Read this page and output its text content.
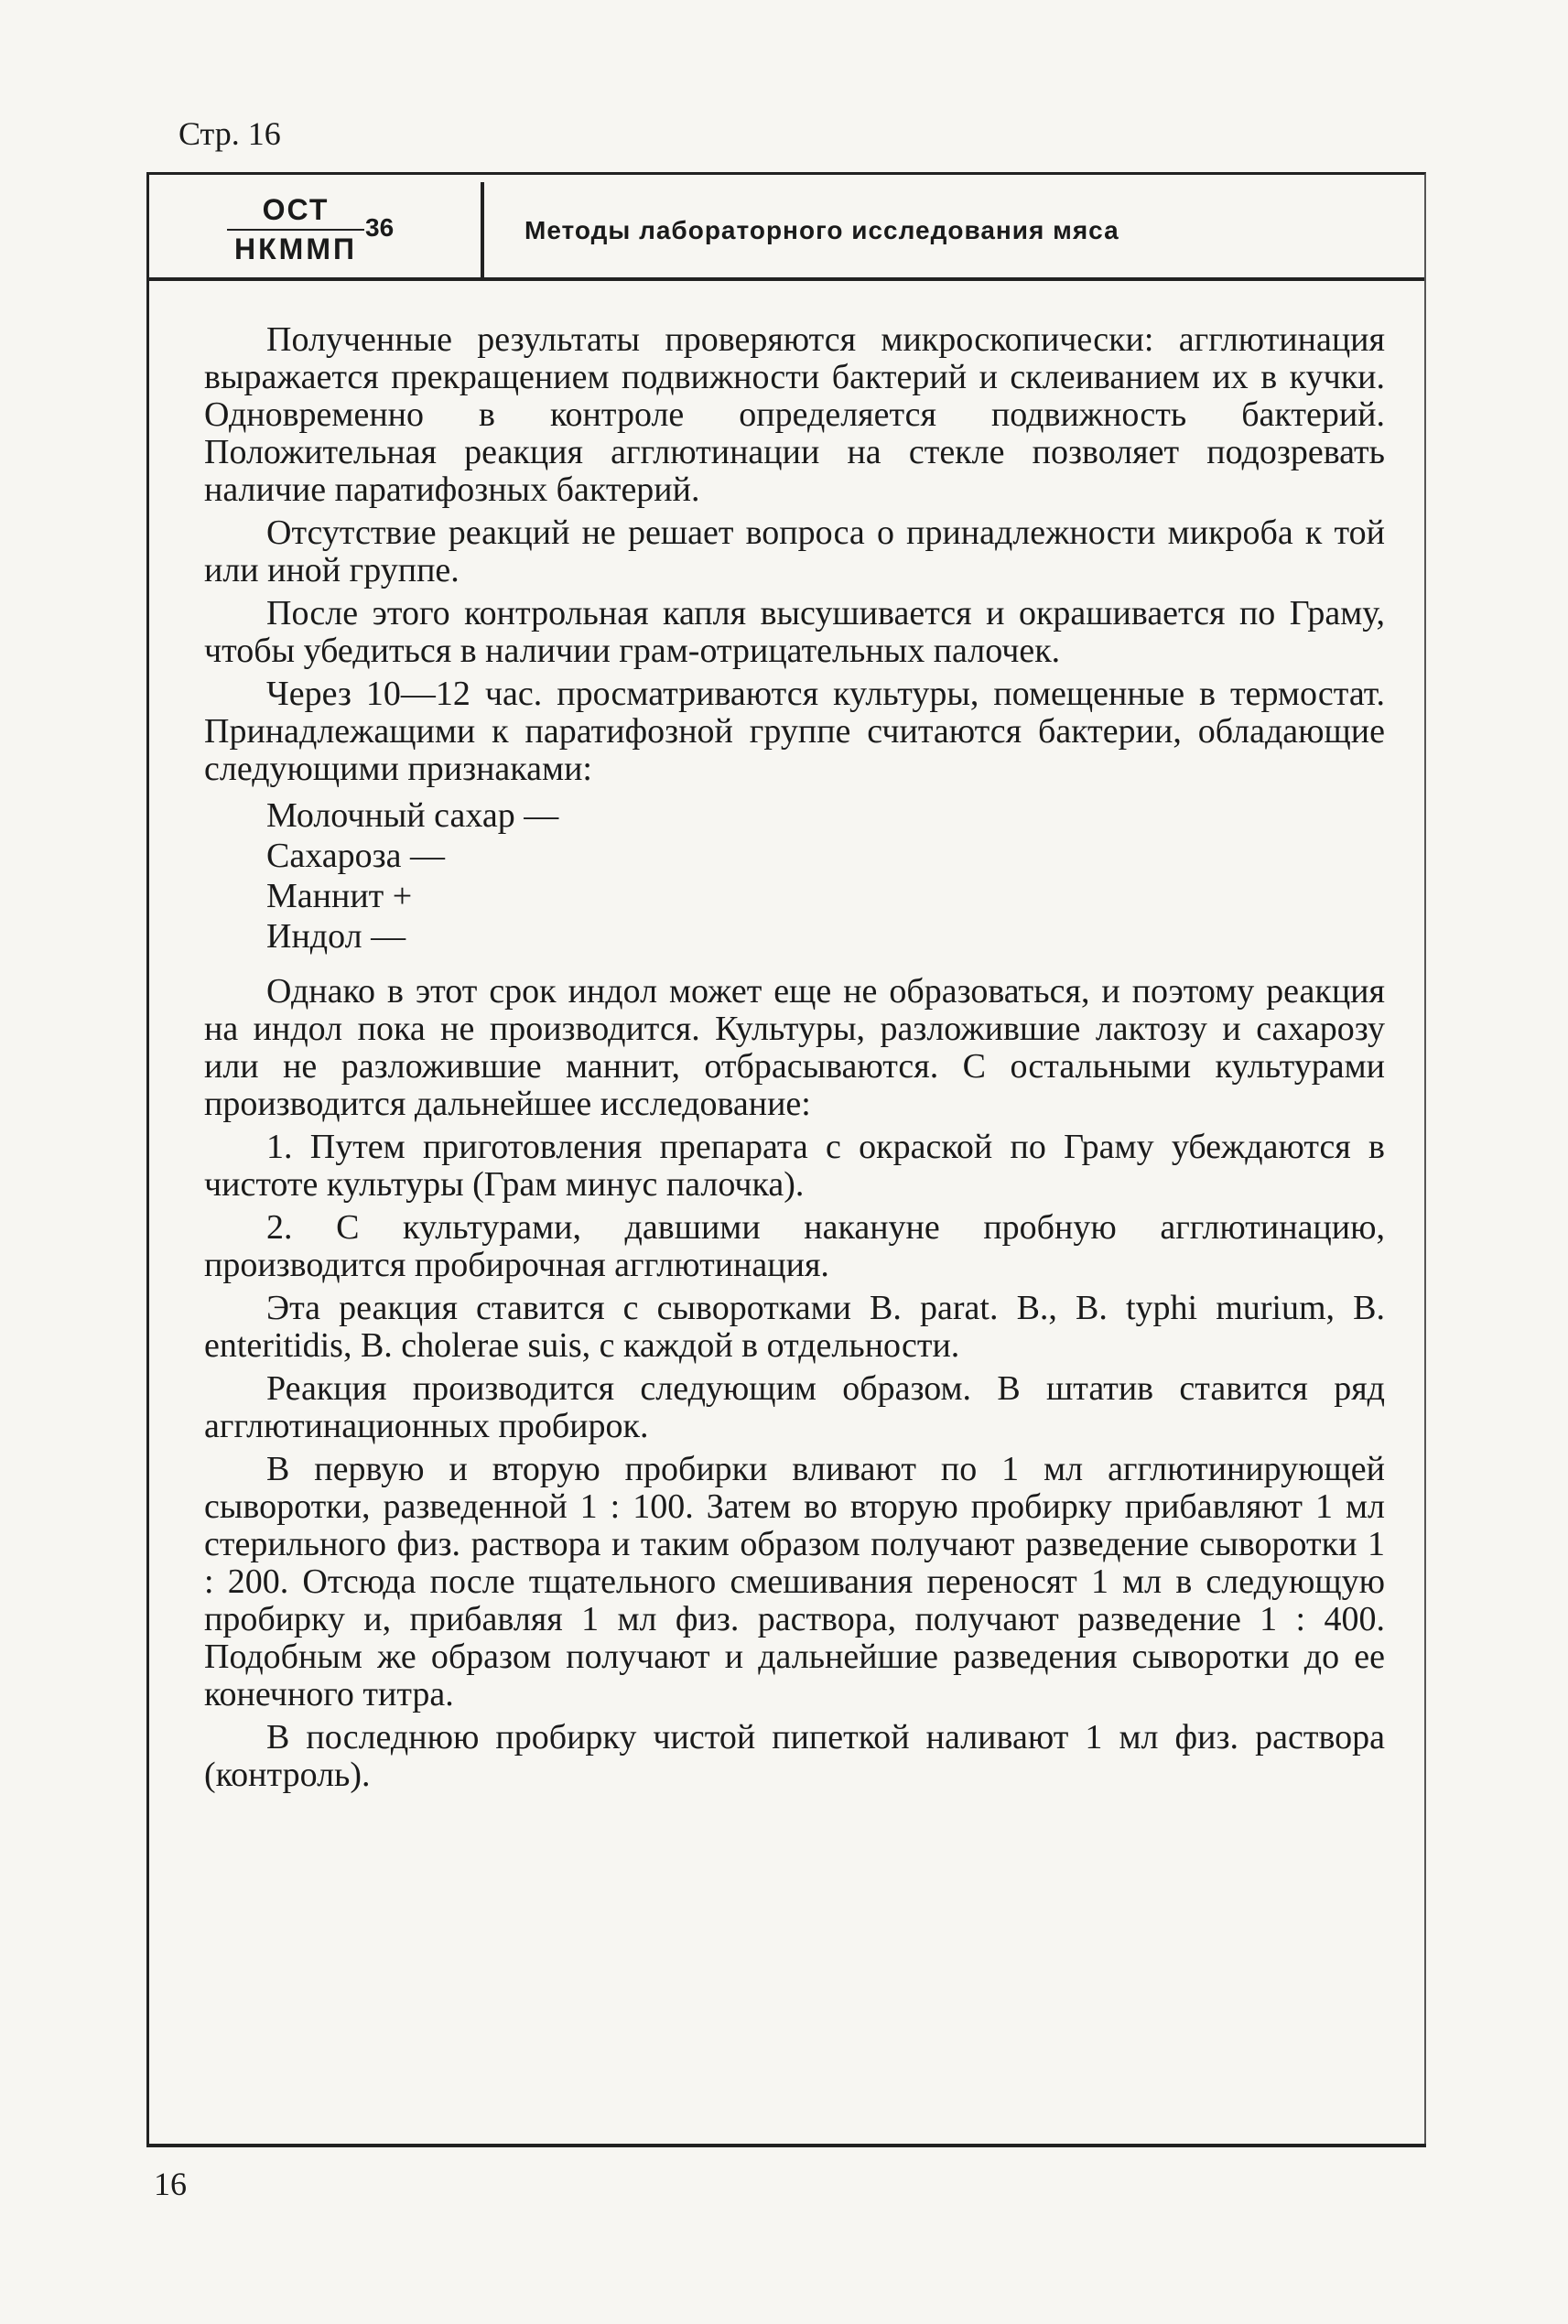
Стр. 16
ОСТ
НКММП
36	Методы лабораторного исследования мяса

Полученные результаты проверяются микроскопически: агглютинация выражается прекращением подвижности бактерий и склеиванием их в кучки. Одновременно в контроле определяется подвижность бактерий. Положительная реакция агглютинации на стекле позволяет подозревать наличие паратифозных бактерий.

Отсутствие реакций не решает вопроса о принадлежности микроба к той или иной группе.

После этого контрольная капля высушивается и окрашивается по Граму, чтобы убедиться в наличии грам-отрицательных палочек.

Через 10—12 час. просматриваются культуры, помещенные в термостат. Принадлежащими к паратифозной группе считаются бактерии, обладающие следующими признаками:

Молочный сахар —
Сахароза —
Маннит +
Индол —

Однако в этот срок индол может еще не образоваться, и поэтому реакция на индол пока не производится. Культуры, разложившие лактозу и сахарозу или не разложившие маннит, отбрасываются. С остальными культурами производится дальнейшее исследование:

1. Путем приготовления препарата с окраской по Граму убеждаются в чистоте культуры (Грам минус палочка).

2. С культурами, давшими накануне пробную агглютинацию, производится пробирочная агглютинация.

Эта реакция ставится с сыворотками B. parat. B., B. typhi murium, B. enteritidis, B. cholerae suis, с каждой в отдельности.

Реакция производится следующим образом. В штатив ставится ряд агглютинационных пробирок.

В первую и вторую пробирки вливают по 1 мл агглютинирующей сыворотки, разведенной 1 : 100. Затем во вторую пробирку прибавляют 1 мл стерильного физ. раствора и таким образом получают разведение сыворотки 1 : 200. Отсюда после тщательного смешивания переносят 1 мл в следующую пробирку и, прибавляя 1 мл физ. раствора, получают разведение 1 : 400. Подобным же образом получают и дальнейшие разведения сыворотки до ее конечного титра.

В последнюю пробирку чистой пипеткой наливают 1 мл физ. раствора (контроль).

16
